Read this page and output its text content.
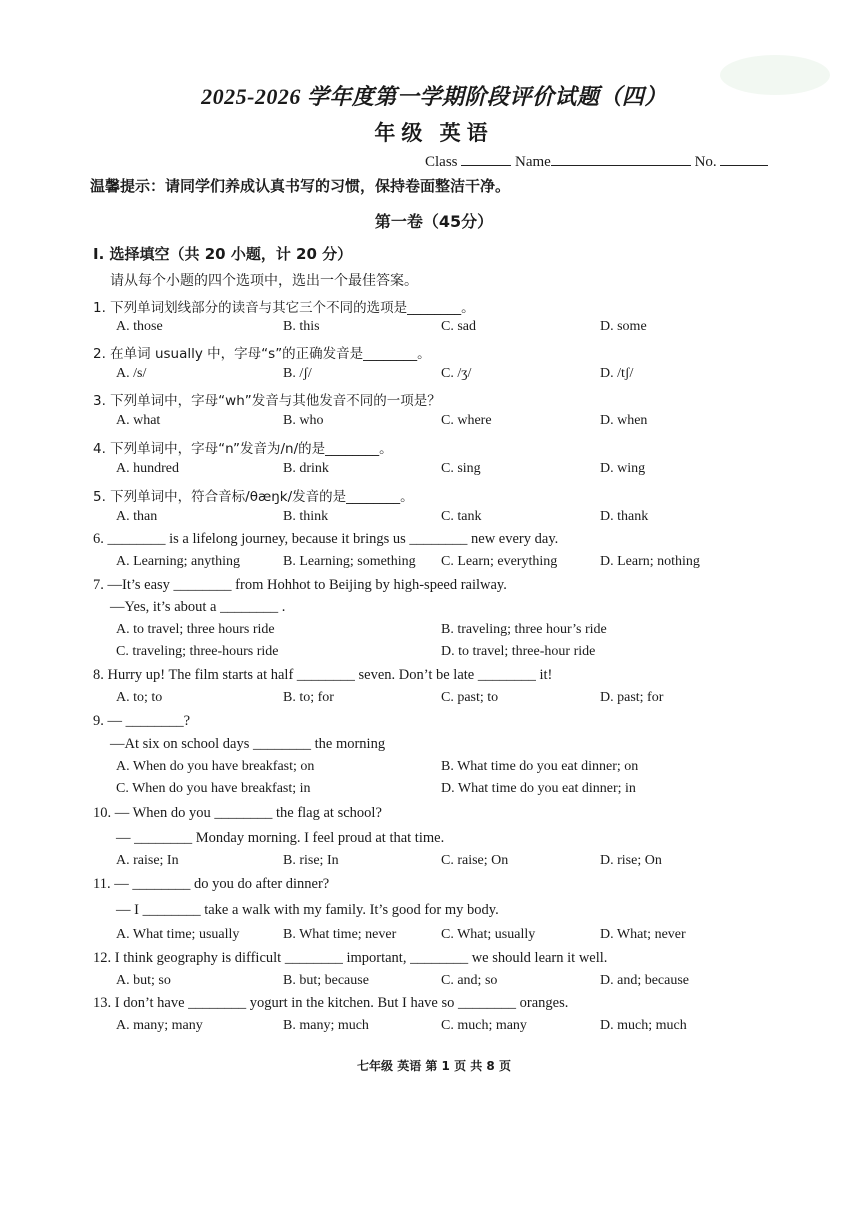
2025-2026 学年度第一学期阶段评价试题（四）
年级 英语
Class	Name	No.
温馨提示：请同学们养成认真书写的习惯，保持卷面整洁干净。
第一卷（45分）
I. 选择填空（共 20 小题，计 20 分）
请从每个小题的四个选项中，选出一个最佳答案。
1. 下列单词划线部分的读音与其它三个不同的选项是________。
A. those	B. this	C. sad	D. some
2. 在单词 usually 中，字母“s”的正确发音是________。
A. /s/	B. /ʃ/	C. /ʒ/	D. /tʃ/
3. 下列单词中，字母“wh”发音与其他发音不同的一项是？
A. what	B. who	C. where	D. when
4. 下列单词中，字母“n”发音为/n/的是________。
A. hundred	B. drink	C. sing	D. wing
5. 下列单词中，符合音标/θæŋk/发音的是________。
A. than	B. think	C. tank	D. thank
6. ________ is a lifelong journey, because it brings us ________ new every day.
A. Learning; anything	B. Learning; something C. Learn; everything	D. Learn; nothing
7. —It’s easy ________ from Hohhot to Beijing by high-speed railway.
—Yes, it’s about a ________ .
A. to travel; three hours ride	B. traveling; three hour’s ride
C. traveling; three-hours ride	D. to travel; three-hour ride
8. Hurry up! The film starts at half ________ seven. Don’t be late ________ it!
A. to; to	B. to; for	C. past; to	D. past; for
9. — ________?
—At six on school days ________ the morning
A. When do you have breakfast; on	B. What time do you eat dinner; on
C. When do you have breakfast; in	D. What time do you eat dinner; in
10. — When do you ________ the flag at school?
— ________ Monday morning. I feel proud at that time.
A. raise; In	B. rise; In	C. raise; On	D. rise; On
11. — ________ do you do after dinner?
— I ________ take a walk with my family. It’s good for my body.
A. What time; usually	B. What time; never	C. What; usually	D. What; never
12. I think geography is difficult ________ important, ________ we should learn it well.
A. but; so	B. but; because	C. and; so	D. and; because
13. I don’t have ________ yogurt in the kitchen. But I have so ________ oranges.
A. many; many	B. many; much	C. much; many	D. much; much
七年级 英语 第 1 页 共 8 页
